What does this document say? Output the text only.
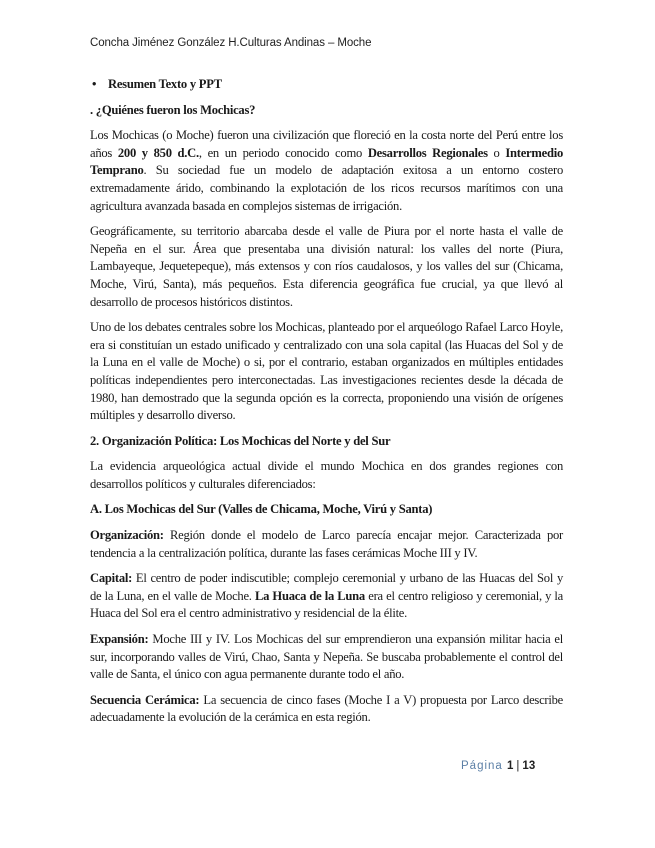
Concha Jiménez González H.Culturas Andinas – Moche
• Resumen Texto y PPT
. ¿Quiénes fueron los Mochicas?

Los Mochicas (o Moche) fueron una civilización que floreció en la costa norte del Perú entre los años 200 y 850 d.C., en un periodo conocido como Desarrollos Regionales o Intermedio Temprano. Su sociedad fue un modelo de adaptación exitosa a un entorno costero extremadamente árido, combinando la explotación de los ricos recursos marítimos con una agricultura avanzada basada en complejos sistemas de irrigación.

Geográficamente, su territorio abarcaba desde el valle de Piura por el norte hasta el valle de Nepeña en el sur. Área que presentaba una división natural: los valles del norte (Piura, Lambayeque, Jequetepeque), más extensos y con ríos caudalosos, y los valles del sur (Chicama, Moche, Virú, Santa), más pequeños. Esta diferencia geográfica fue crucial, ya que llevó al desarrollo de procesos históricos distintos.

Uno de los debates centrales sobre los Mochicas, planteado por el arqueólogo Rafael Larco Hoyle, era si constituían un estado unificado y centralizado con una sola capital (las Huacas del Sol y de la Luna en el valle de Moche) o si, por el contrario, estaban organizados en múltiples entidades políticas independientes pero interconectadas. Las investigaciones recientes desde la década de 1980, han demostrado que la segunda opción es la correcta, proponiendo una visión de orígenes múltiples y desarrollo diverso.

2. Organización Política: Los Mochicas del Norte y del Sur

La evidencia arqueológica actual divide el mundo Mochica en dos grandes regiones con desarrollos políticos y culturales diferenciados:

A. Los Mochicas del Sur (Valles de Chicama, Moche, Virú y Santa)

Organización: Región donde el modelo de Larco parecía encajar mejor. Caracterizada por tendencia a la centralización política, durante las fases cerámicas Moche III y IV.

Capital: El centro de poder indiscutible; complejo ceremonial y urbano de las Huacas del Sol y de la Luna, en el valle de Moche. La Huaca de la Luna era el centro religioso y ceremonial, y la Huaca del Sol era el centro administrativo y residencial de la élite.

Expansión: Moche III y IV. Los Mochicas del sur emprendieron una expansión militar hacia el sur, incorporando valles de Virú, Chao, Santa y Nepeña. Se buscaba probablemente el control del valle de Santa, el único con agua permanente durante todo el año.

Secuencia Cerámica: La secuencia de cinco fases (Moche I a V) propuesta por Larco describe adecuadamente la evolución de la cerámica en esta región.

Página 1 | 13
